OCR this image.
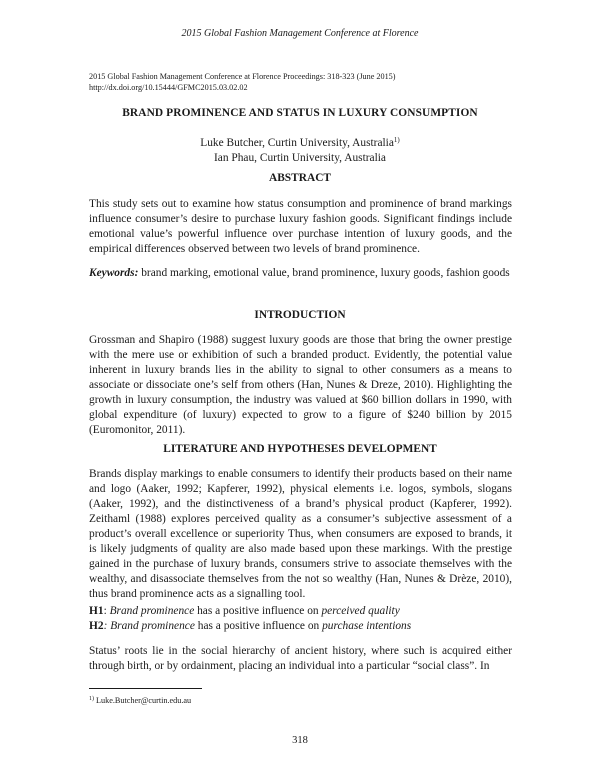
2015 Global Fashion Management Conference at Florence
2015 Global Fashion Management Conference at Florence Proceedings: 318-323 (June 2015)
http://dx.doi.org/10.15444/GFMC2015.03.02.02
BRAND PROMINENCE AND STATUS IN LUXURY CONSUMPTION
Luke Butcher, Curtin University, Australia$^{1)}$
Ian Phau, Curtin University, Australia
ABSTRACT

This study sets out to examine how status consumption and prominence of brand markings influence consumer’s desire to purchase luxury fashion goods. Significant findings include emotional value’s powerful influence over purchase intention of luxury goods, and the empirical differences observed between two levels of brand prominence.

Keywords: brand marking, emotional value, brand prominence, luxury goods, fashion goods

INTRODUCTION

Grossman and Shapiro (1988) suggest luxury goods are those that bring the owner prestige with the mere use or exhibition of such a branded product. Evidently, the potential value inherent in luxury brands lies in the ability to signal to other consumers as a means to associate or dissociate one’s self from others (Han, Nunes & Dreze, 2010). Highlighting the growth in luxury consumption, the industry was valued at $60 billion dollars in 1990, with global expenditure (of luxury) expected to grow to a figure of $240 billion by 2015 (Euromonitor, 2011).

LITERATURE AND HYPOTHESES DEVELOPMENT

Brands display markings to enable consumers to identify their products based on their name and logo (Aaker, 1992; Kapferer, 1992), physical elements i.e. logos, symbols, slogans (Aaker, 1992), and the distinctiveness of a brand’s physical product (Kapferer, 1992). Zeithaml (1988) explores perceived quality as a consumer’s subjective assessment of a product’s overall excellence or superiority Thus, when consumers are exposed to brands, it is likely judgments of quality are also made based upon these markings. With the prestige gained in the purchase of luxury brands, consumers strive to associate themselves with the wealthy, and disassociate themselves from the not so wealthy (Han, Nunes & Drèze, 2010), thus brand prominence acts as a signalling tool.

H1: Brand prominence has a positive influence on perceived quality
H2: Brand prominence has a positive influence on purchase intentions

Status’ roots lie in the social hierarchy of ancient history, where such is acquired either through birth, or by ordainment, placing an individual into a particular “social class”. In

$^{1)}$ Luke.Butcher@curtin.edu.au
318
